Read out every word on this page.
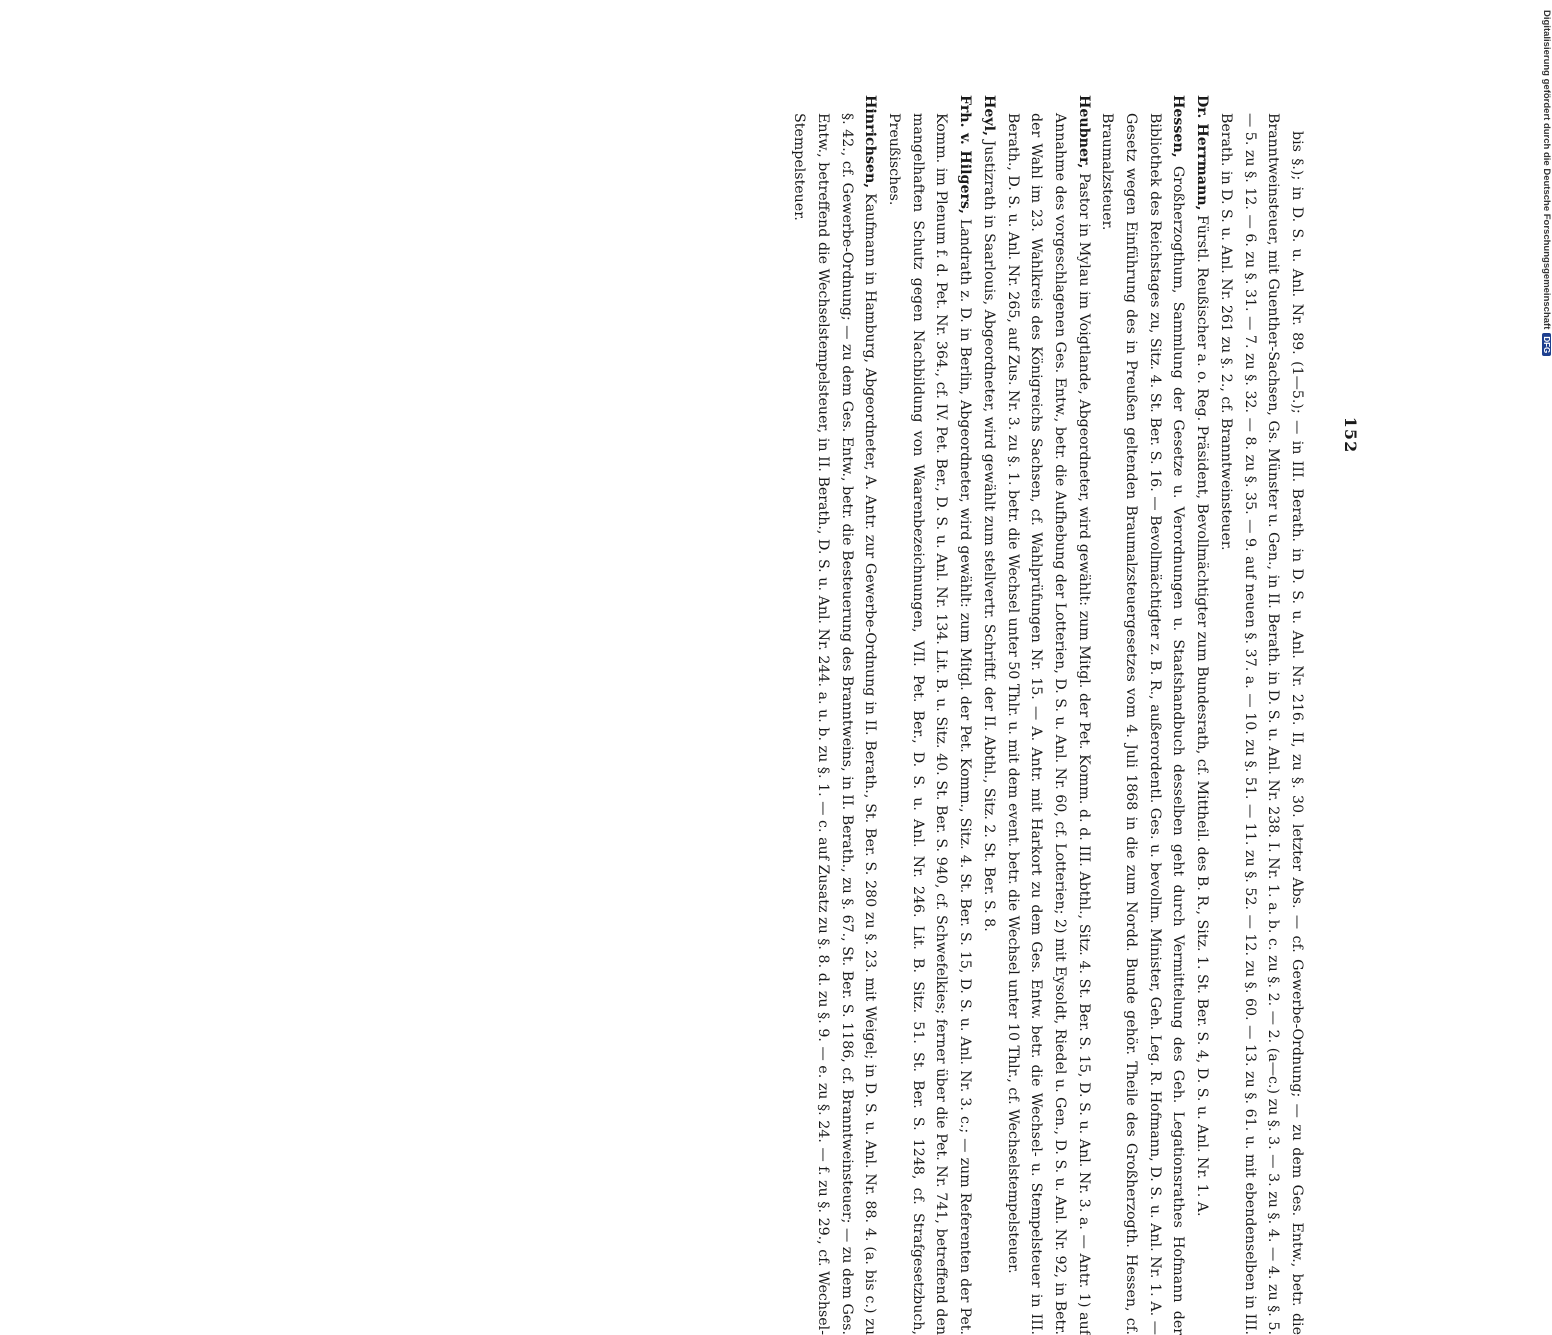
152

bis §.); in D. S. u. Anl. Nr. 89. (1—5.); — in III. Berath. in D. S. u. Anl. Nr. 216. II, zu §. 30. letzter Abs. — cf. Gewerbe-Ordnung; — zu dem Ges. Entw., betr. die Branntweinsteuer, mit Guenther-Sachsen, Gs. Münster u. Gen., in II. Berath. in D. S. u. Anl. Nr. 238. I. Nr. 1. a. b. c. zu §. 2. — 2. (a—c.) zu §. 3. — 3. zu §. 4. — 4. zu §. 5. — 5. zu §. 12. — 6. zu §. 31. — 7. zu §. 32. — 8. zu §. 35. — 9. auf neuen §. 37. a. — 10. zu §. 51. — 11. zu §. 52. — 12. zu §. 60. — 13. zu §. 61. u. mit ebendenselben in III. Berath. in D. S. u. Anl. Nr. 261 zu §. 2., cf. Branntweinsteuer.

Dr. Herrmann, Fürstl. Reußischer a. o. Reg. Präsident, Bevollmächtigter zum Bundesrath, cf. Mittheil. des B. R., Sitz. 1. St. Ber. S. 4, D. S. u. Anl. Nr. 1. A.

Hessen, Großherzogthum, Sammlung der Gesetze u. Verordnungen u. Staatshandbuch desselben geht durch Vermittelung des Geh. Legationsrathes Hofmann der Bibliothek des Reichstages zu, Sitz. 4. St. Ber. S. 16. — Bevollmächtigter z. B. R., außerordentl. Ges. u. bevollm. Minister, Geh. Leg. R. Hofmann, D. S. u. Anl. Nr. 1. A. — Gesetz wegen Einführung des in Preußen geltenden Braumalzsteuergesetzes vom 4. Juli 1868 in die zum Nordd. Bunde gehör. Theile des Großherzogth. Hessen, cf. Braumalzsteuer.

Heubner, Pastor in Mylau im Voigtlande, Abgeordneter, wird gewählt: zum Mitgl. der Pet. Komm. d. d. III. Abthl., Sitz. 4. St. Ber. S. 15, D. S. u. Anl. Nr. 3. a. — Antr. 1) auf Annahme des vorgeschlagenen Ges. Entw., betr. die Aufhebung der Lotterien, D. S. u. Anl. Nr. 60, cf. Lotterien; 2) mit Eysoldt, Riedel u. Gen., D. S. u. Anl. Nr. 92, in Betr. der Wahl im 23. Wahlkreis des Königreichs Sachsen, cf. Wahlprüfungen Nr. 15. — A. Antr. mit Harkort zu dem Ges. Entw. betr. die Wechsel- u. Stempelsteuer in III. Berath., D. S. u. Anl. Nr. 265, auf Zus. Nr. 3. zu §. 1. betr. die Wechsel unter 50 Thlr. u. mit dem event. betr. die Wechsel unter 10 Thlr., cf. Wechselstempelsteuer.

Heyl, Justizrath in Saarlouis, Abgeordneter, wird gewählt zum stellvertr. Schriftf. der II. Abthl., Sitz. 2. St. Ber. S. 8.

Frh. v. Hilgers, Landrath z. D. in Berlin, Abgeordneter, wird gewählt: zum Mitgl. der Pet. Komm., Sitz. 4. St. Ber. S. 15, D. S. u. Anl. Nr. 3. c.; — zum Referenten der Pet. Komm. im Plenum f. d. Pet. Nr. 364., cf. IV. Pet. Ber., D. S. u. Anl. Nr. 134. Lit. B. u. Sitz. 40. St. Ber. S. 940, cf. Schwefelkies; ferner über die Pet. Nr. 741, betreffend den mangelhaften Schutz gegen Nachbildung von Waarenbezeichnungen, VII. Pet. Ber., D. S. u. Anl. Nr. 246. Lit. B. Sitz. 51. St. Ber. S. 1248, cf. Strafgesetzbuch, Preußisches.

Hinrichsen, Kaufmann in Hamburg, Abgeordneter, A. Antr. zur Gewerbe-Ordnung in II. Berath., St. Ber. S. 280 zu §. 23. mit Weigel; in D. S. u. Anl. Nr. 88. 4. (a. bis c.) zu §. 42., cf. Gewerbe-Ordnung; — zu dem Ges. Entw., betr. die Besteuerung des Branntweins, in II. Berath., zu §. 67., St. Ber. S. 1186, cf. Branntweinsteuer; — zu dem Ges. Entw., betreffend die Wechselstempelsteuer, in II. Berath., D. S. u. Anl. Nr. 244. a. u. b. zu §. 1. — c. auf Zusatz zu §. 8. d. zu §. 9. — e. zu §. 24. — f. zu §. 29., cf. Wechsel-Stempelsteuer.	Digitalisierung gefördert durch die Deutsche ForschungsgemeinschaftDFG
